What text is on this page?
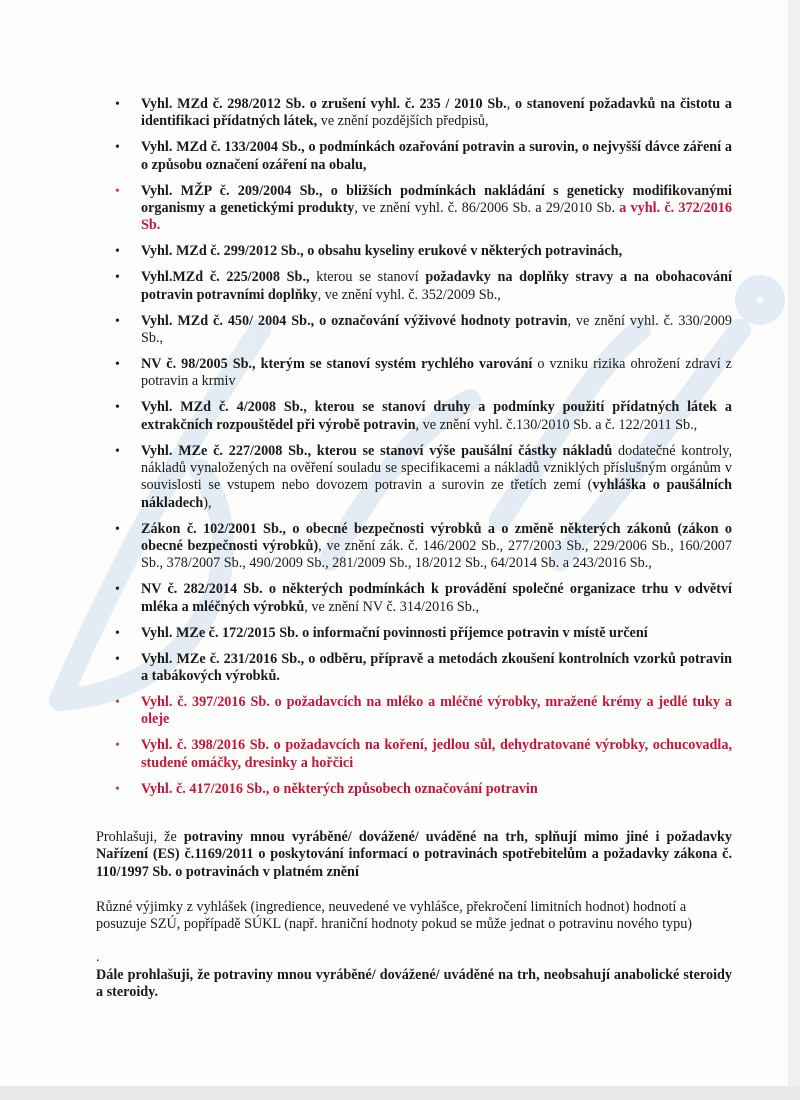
• Vyhl. MZd č. 298/2012 Sb. o zrušení vyhl. č. 235 / 2010 Sb., o stanovení požadavků na čistotu a identifikaci přídatných látek, ve znění pozdějších předpisů,
• Vyhl. MZd č. 133/2004 Sb., o podmínkách ozařování potravin a surovin, o nejvyšší dávce záření a o způsobu označení ozáření na obalu,
• Vyhl. MŽP č. 209/2004 Sb., o bližších podmínkách nakládání s geneticky modifikovanými organismy a genetickými produkty, ve znění vyhl. č. 86/2006 Sb. a 29/2010 Sb. a vyhl. č. 372/2016 Sb.
• Vyhl. MZd č. 299/2012 Sb., o obsahu kyseliny erukové v některých potravinách,
• Vyhl.MZd č. 225/2008 Sb., kterou se stanoví požadavky na doplňky stravy a na obohacování potravin potravními doplňky, ve znění vyhl. č. 352/2009 Sb.,
• Vyhl. MZd č. 450/ 2004 Sb., o označování výživové hodnoty potravin, ve znění vyhl. č. 330/2009 Sb.,
• NV č. 98/2005 Sb., kterým se stanoví systém rychlého varování o vzniku rizika ohrožení zdraví z potravin a krmiv
• Vyhl. MZd č. 4/2008 Sb., kterou se stanoví druhy a podmínky použití přídatných látek a extrakčních rozpouštědel při výrobě potravin, ve znění vyhl. č.130/2010 Sb. a č. 122/2011 Sb.,
• Vyhl. MZe č. 227/2008 Sb., kterou se stanoví výše paušální částky nákladů dodatečné kontroly, nákladů vynaložených na ověření souladu se specifikacemi a nákladů vzniklých příslušným orgánům v souvislosti se vstupem nebo dovozem potravin a surovin ze třetích zemí (vyhláška o paušálních nákladech),
• Zákon č. 102/2001 Sb., o obecné bezpečnosti výrobků a o změně některých zákonů (zákon o obecné bezpečnosti výrobků), ve znění zák. č. 146/2002 Sb., 277/2003 Sb., 229/2006 Sb., 160/2007 Sb., 378/2007 Sb., 490/2009 Sb., 281/2009 Sb., 18/2012 Sb., 64/2014 Sb. a 243/2016 Sb.,
• NV č. 282/2014 Sb. o některých podmínkách k provádění společné organizace trhu v odvětví mléka a mléčných výrobků, ve znění NV č. 314/2016 Sb.,
• Vyhl. MZe č. 172/2015 Sb. o informační povinnosti příjemce potravin v místě určení
• Vyhl. MZe č. 231/2016 Sb., o odběru, přípravě a metodách zkoušení kontrolních vzorků potravin a tabákových výrobků.
• Vyhl. č. 397/2016 Sb. o požadavcích na mléko a mléčné výrobky, mražené krémy a jedlé tuky a oleje
• Vyhl. č. 398/2016 Sb. o požadavcích na koření, jedlou sůl, dehydratované výrobky, ochucovadla, studené omáčky, dresinky a hořčici
• Vyhl. č. 417/2016 Sb., o některých způsobech označování potravin

Prohlašuji, že potraviny mnou vyráběné/ dovážené/ uváděné na trh, splňují mimo jiné i požadavky Nařízení (ES) č.1169/2011 o poskytování informací o potravinách spotřebitelům a požadavky zákona č. 110/1997 Sb. o potravinách v platném znění

Různé výjimky z vyhlášek (ingredience, neuvedené ve vyhlášce, překročení limitních hodnot) hodnotí a posuzuje SZÚ, popřípadě SÚKL (např. hraniční hodnoty pokud se může jednat o potravinu nového typu)

.

Dále prohlašuji, že potraviny mnou vyráběné/ dovážené/ uváděné na trh, neobsahují anabolické steroidy a steroidy.
